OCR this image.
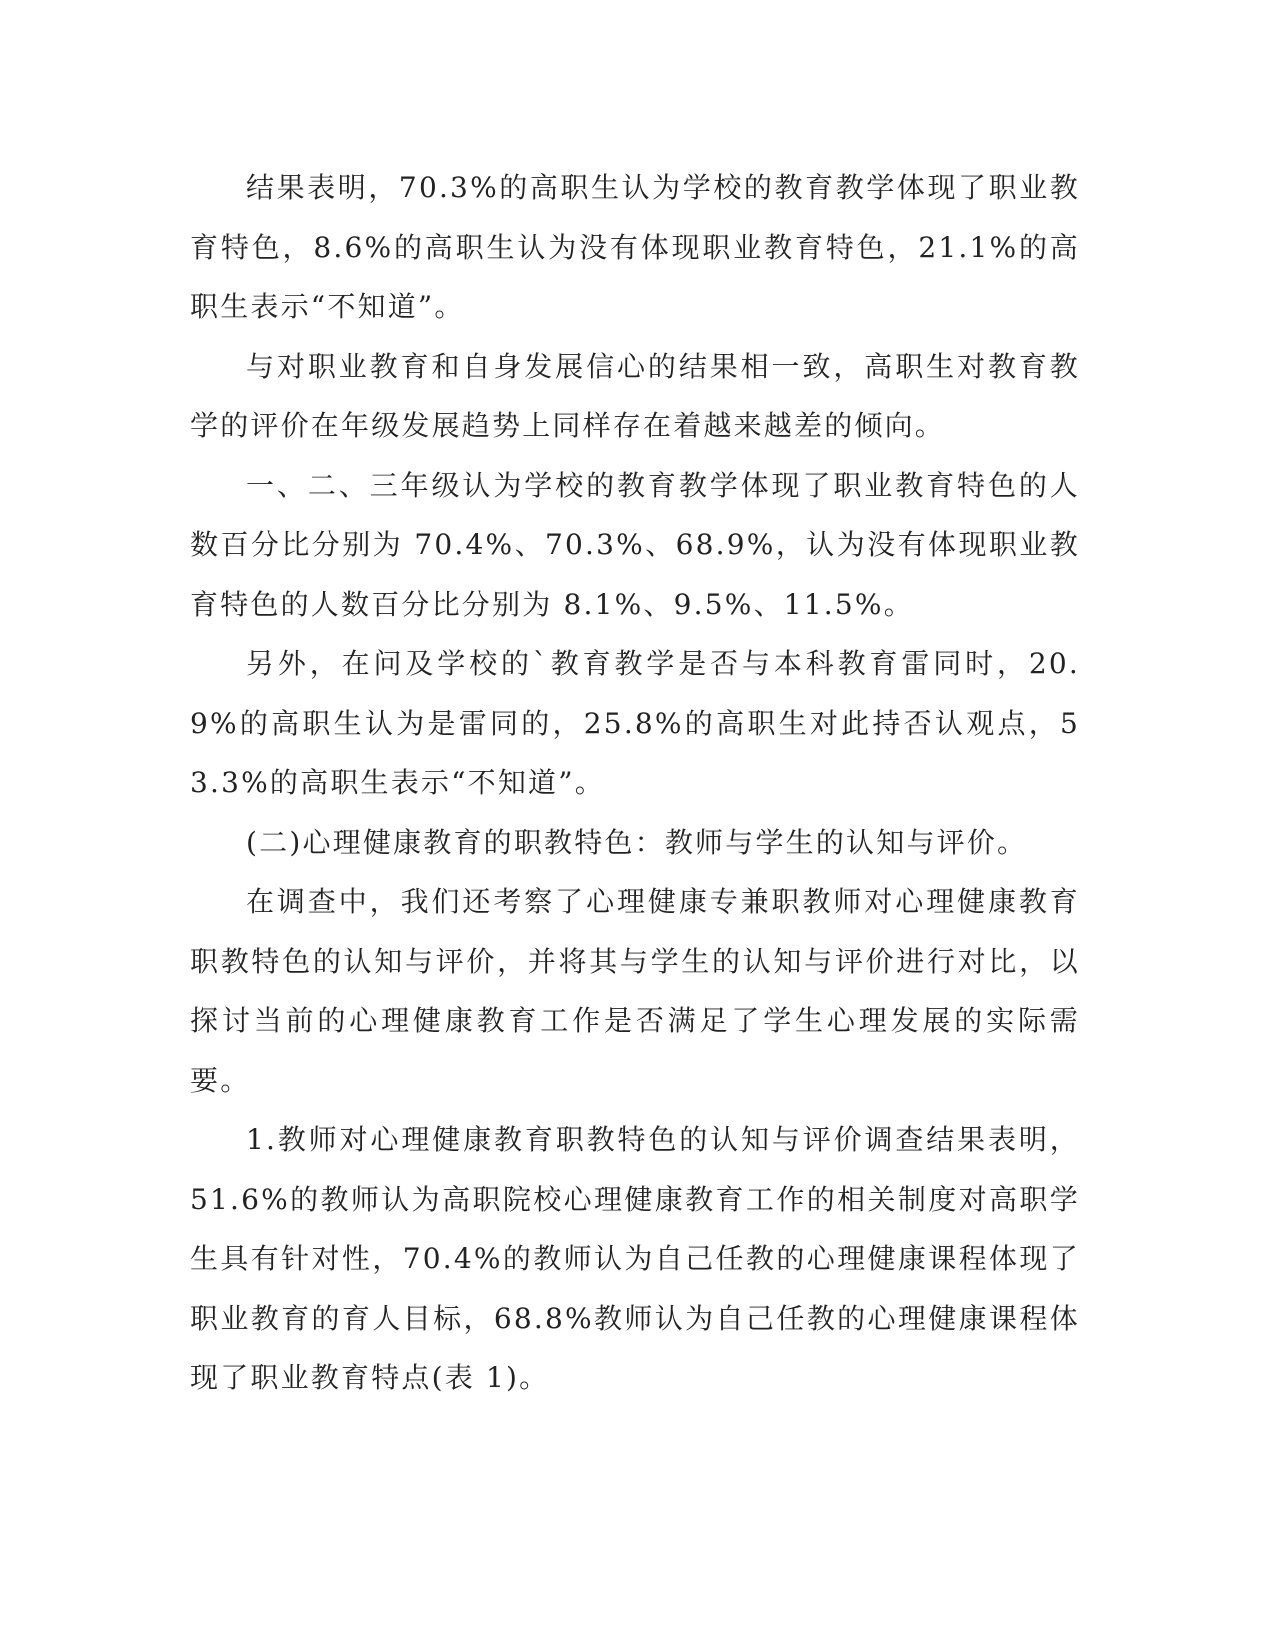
结果表明，70.3%的高职生认为学校的教育教学体现了职业教育特色，8.6%的高职生认为没有体现职业教育特色，21.1%的高职生表示“不知道”。

与对职业教育和自身发展信心的结果相一致，高职生对教育教学的评价在年级发展趋势上同样存在着越来越差的倾向。

一、二、三年级认为学校的教育教学体现了职业教育特色的人数百分比分别为 70.4%、70.3%、68.9%，认为没有体现职业教育特色的人数百分比分别为 8.1%、9.5%、11.5%。

另外，在问及学校的`教育教学是否与本科教育雷同时，20.9%的高职生认为是雷同的，25.8%的高职生对此持否认观点，53.3%的高职生表示“不知道”。

(二)心理健康教育的职教特色：教师与学生的认知与评价。

在调查中，我们还考察了心理健康专兼职教师对心理健康教育职教特色的认知与评价，并将其与学生的认知与评价进行对比，以探讨当前的心理健康教育工作是否满足了学生心理发展的实际需要。

1.教师对心理健康教育职教特色的认知与评价调查结果表明，51.6%的教师认为高职院校心理健康教育工作的相关制度对高职学生具有针对性，70.4%的教师认为自己任教的心理健康课程体现了职业教育的育人目标，68.8%教师认为自己任教的心理健康课程体现了职业教育特点(表 1)。
